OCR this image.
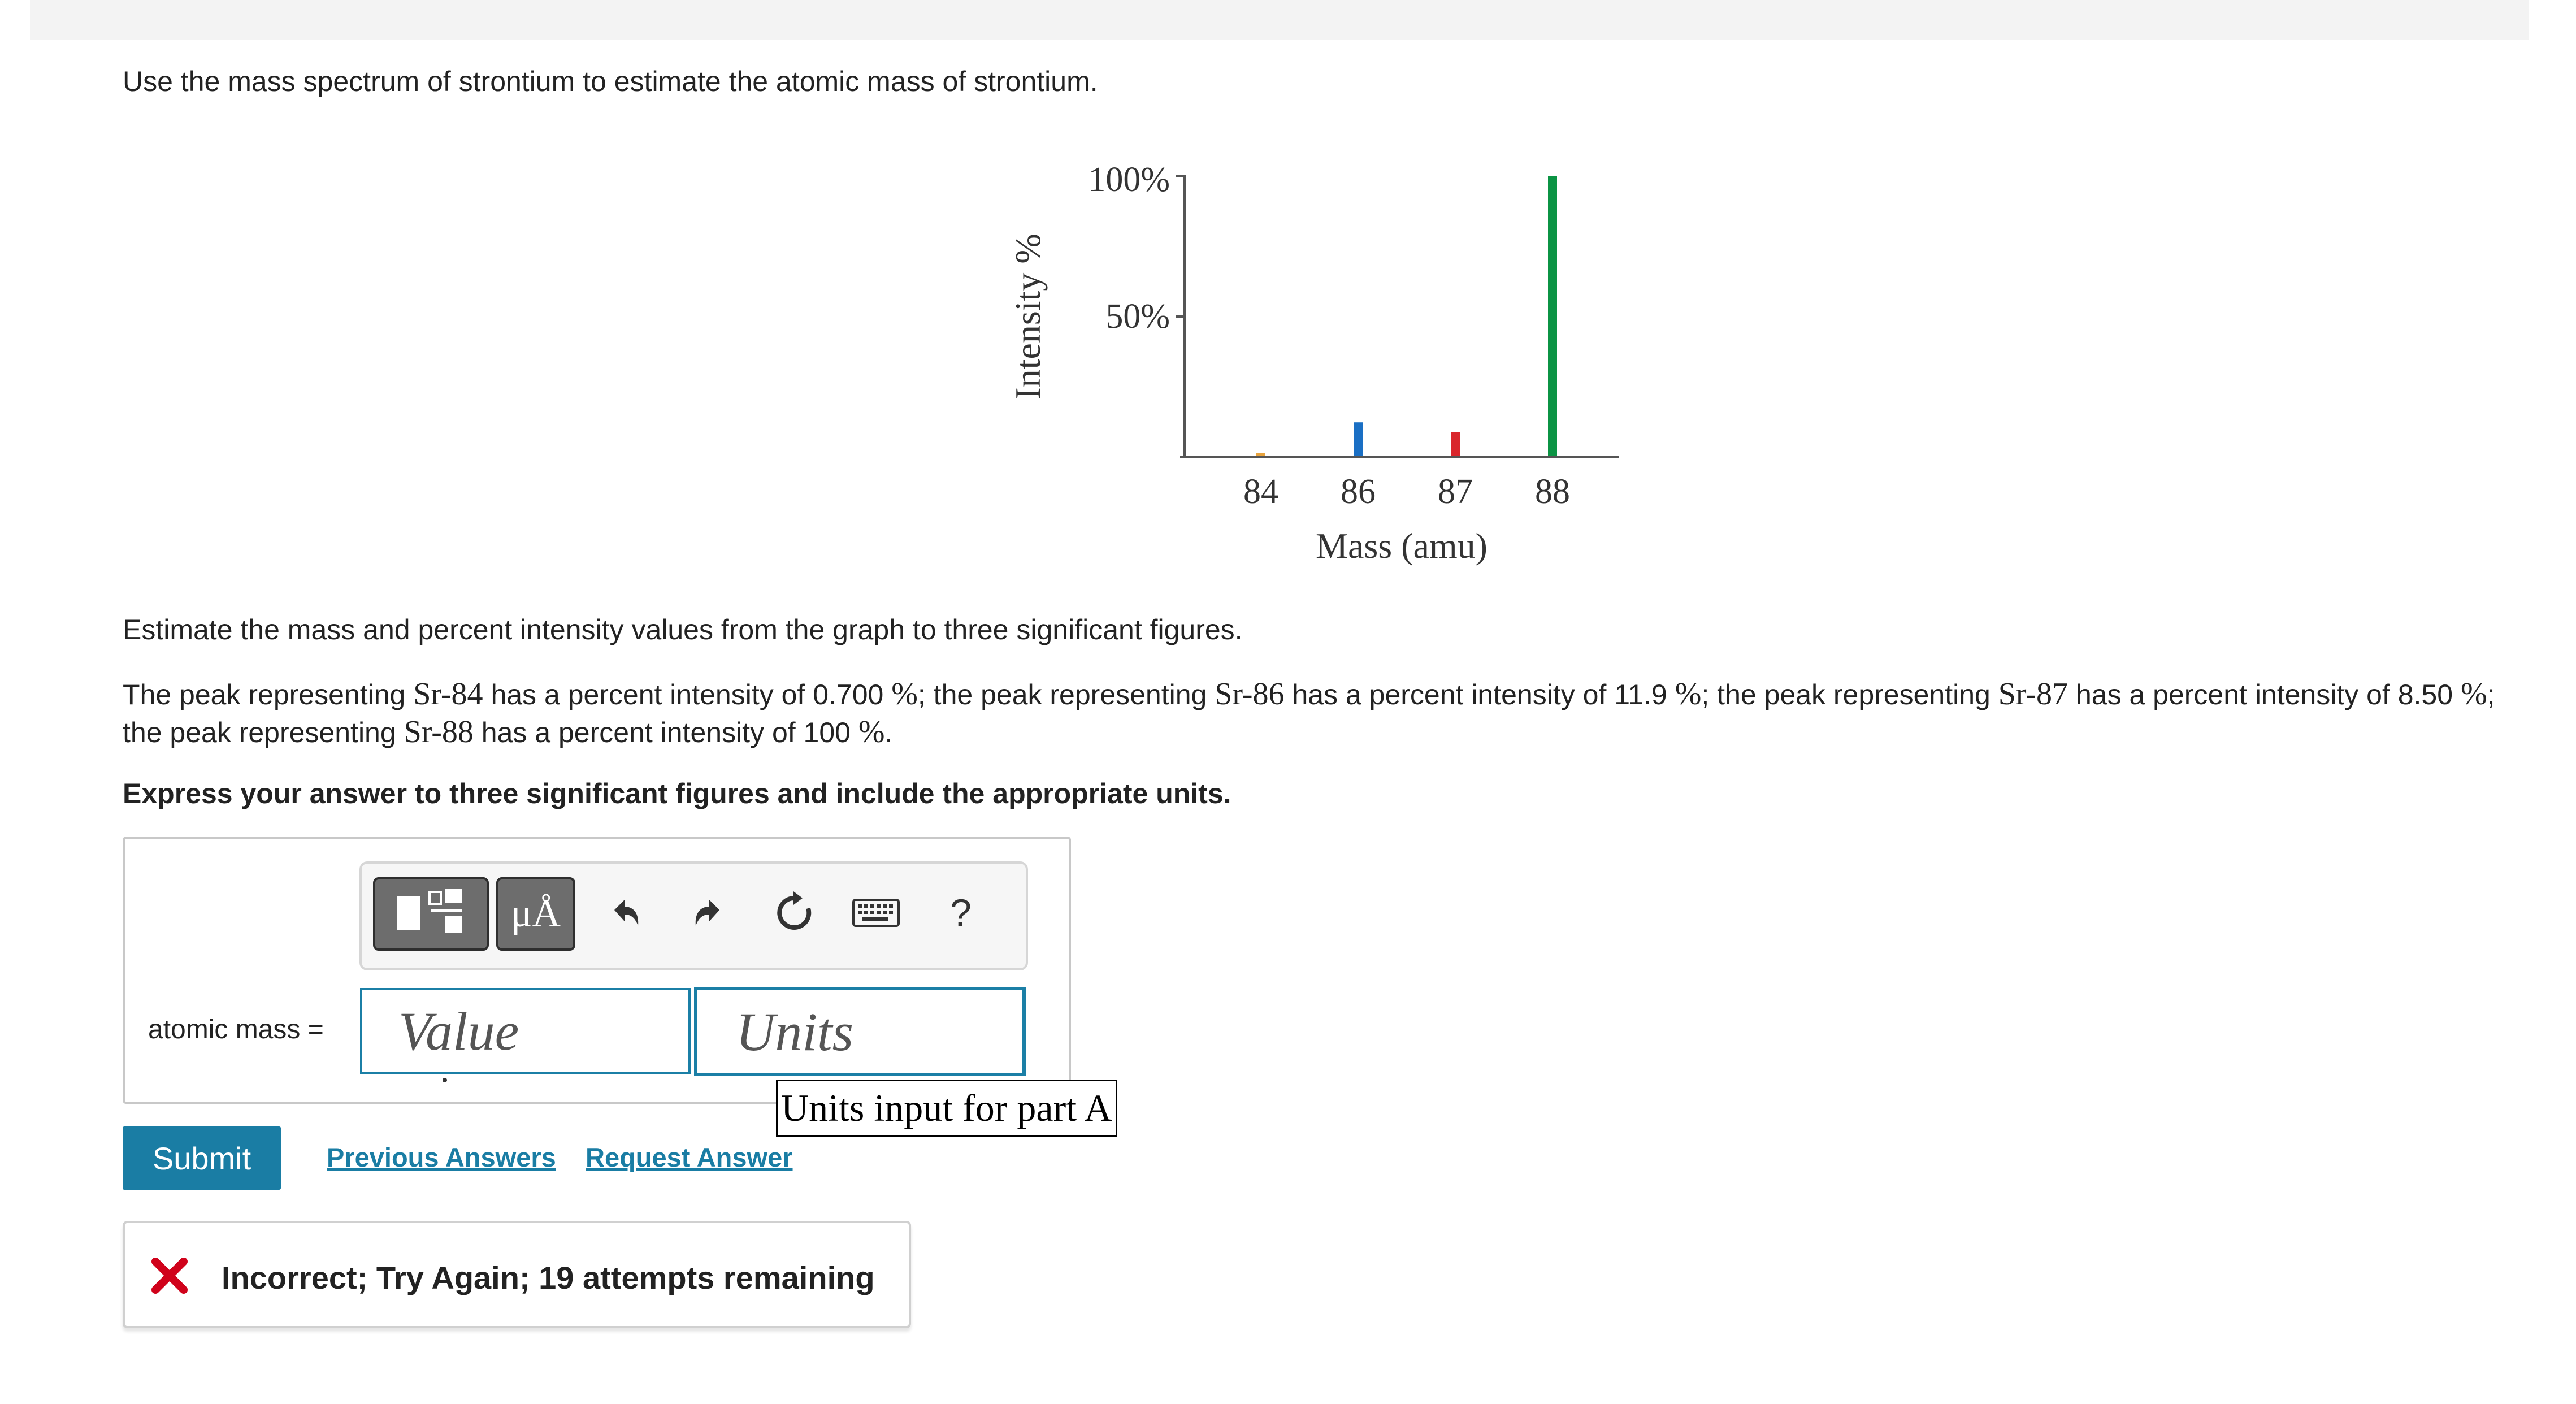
Use the mass spectrum of strontium to estimate the atomic mass of strontium.
Intensity %
100%
50%
84 86 87 88
Mass (amu)
Estimate the mass and percent intensity values from the graph to three significant figures.
The peak representing Sr-84 has a percent intensity of 0.700 %; the peak representing Sr-86 has a percent intensity of 11.9 %; the peak representing Sr-87 has a percent intensity of 8.50 %; the peak representing Sr-88 has a percent intensity of 100 %.
Express your answer to three significant figures and include the appropriate units.
μÅ	?
atomic mass =
Value
Units
Units input for part A
Submit	Previous Answers Request Answer
Incorrect; Try Again; 19 attempts remaining
